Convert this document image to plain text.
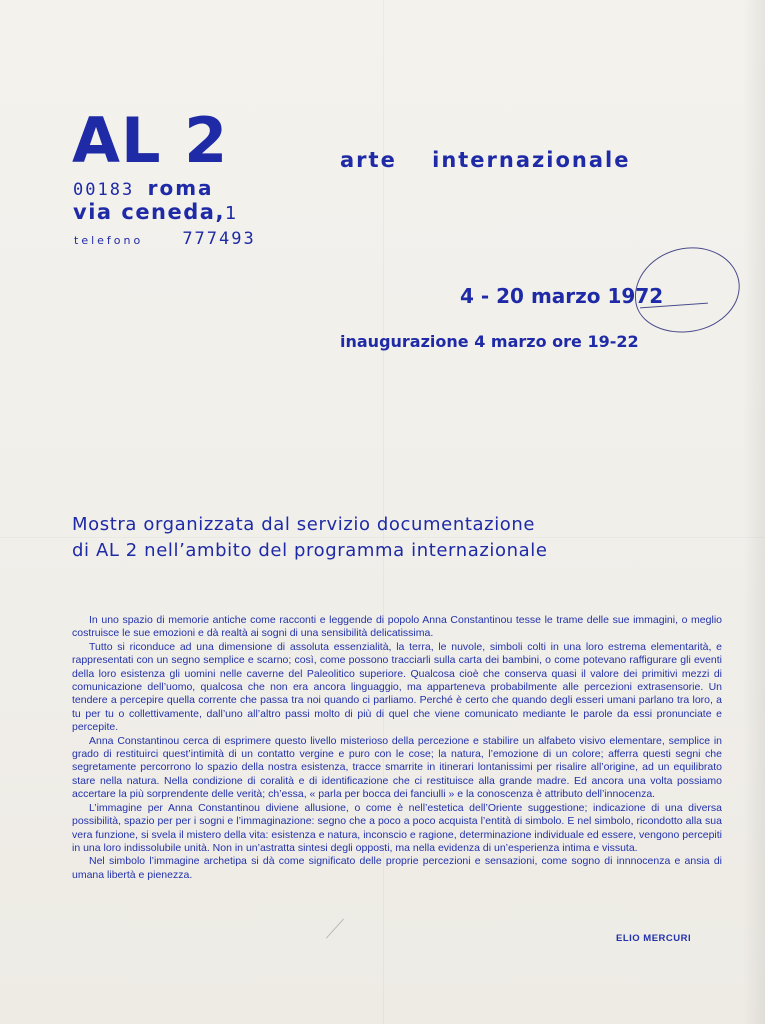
AL 2
00183 roma
via ceneda,1
telefono 777493
arte internazionale
4 - 20 marzo 1972
inaugurazione 4 marzo ore 19-22
Mostra organizzata dal servizio documentazione
di AL 2 nell’ambito del programma internazionale

In uno spazio di memorie antiche come racconti e leggende di popolo Anna Constantinou tesse le trame delle sue immagini, o meglio costruisce le sue emozioni e dà realtà ai sogni di una sensibilità delicatissima.

Tutto si riconduce ad una dimensione di assoluta essenzialità, la terra, le nuvole, simboli colti in una loro estrema elementarità, e rappresentati con un segno semplice e scarno; così, come possono tracciarli sulla carta dei bambini, o come potevano raffigurare gli eventi della loro esistenza gli uomini nelle caverne del Paleolitico superiore. Qualcosa cioè che conserva quasi il valore dei primitivi mezzi di comunicazione dell’uomo, qualcosa che non era ancora linguaggio, ma apparteneva probabilmente alle percezioni extrasensorie. Un tendere a percepire quella corrente che passa tra noi quando ci parliamo. Perché è certo che quando degli esseri umani parlano tra loro, a tu per tu o collettivamente, dall’uno all’altro passi molto di più di quel che viene comunicato mediante le parole da essi pronunciate e percepite.

Anna Constantinou cerca di esprimere questo livello misterioso della percezione e stabilire un alfabeto visivo elementare, semplice in grado di restituirci quest’intimità di un contatto vergine e puro con le cose; la natura, l’emozione di un colore; afferra questi segni che segretamente percorrono lo spazio della nostra esistenza, tracce smarrite in itinerari lontanissimi per risalire all’origine, ad un equilibrato stare nella natura. Nella condizione di coralità e di identificazione che ci restituisce alla grande madre. Ed ancora una volta possiamo accertare la più sorprendente delle verità; ch’essa, « parla per bocca dei fanciulli » e la conoscenza è attributo dell’innocenza.

L’immagine per Anna Constantinou diviene allusione, o come è nell’estetica dell’Oriente suggestione; indicazione di una diversa possibilità, spazio per per i sogni e l’immaginazione: segno che a poco a poco acquista l’entità di simbolo. E nel simbolo, ricondotto alla sua vera funzione, si svela il mistero della vita: esistenza e natura, inconscio e ragione, determinazione individuale ed essere, vengono percepiti in una loro indissolubile unità. Non in un’astratta sintesi degli opposti, ma nella evidenza di un’esperienza intima e vissuta.

Nel simbolo l’immagine archetipa si dà come significato delle proprie percezioni e sensazioni, come sogno di innnocenza e ansia di umana libertà e pienezza.

ELIO MERCURI
